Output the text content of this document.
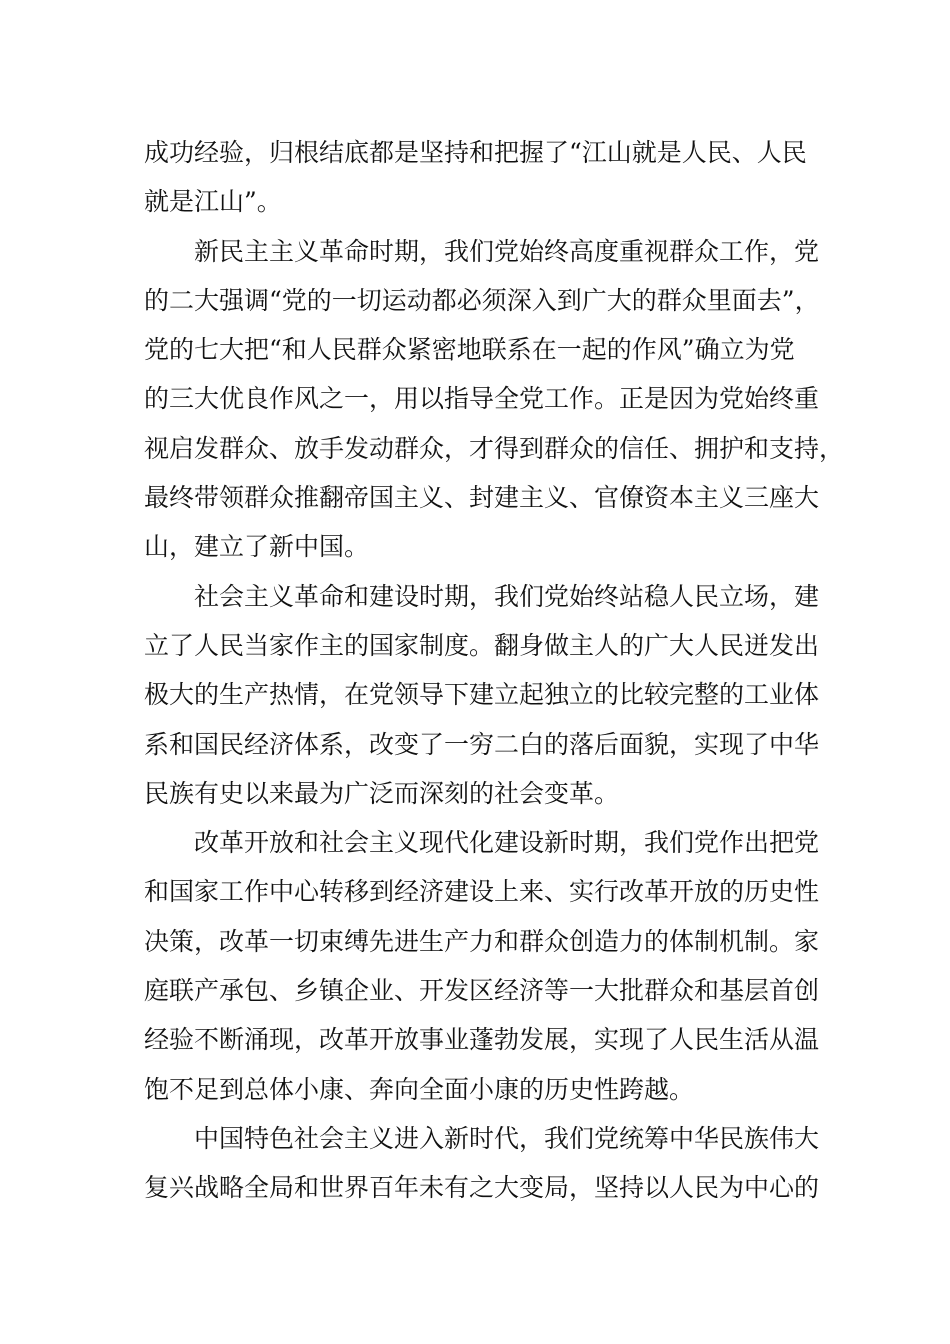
成功经验，归根结底都是坚持和把握了“江山就是人民、人民
就是江山”。
新民主主义革命时期，我们党始终高度重视群众工作，党
的二大强调“党的一切运动都必须深入到广大的群众里面去”，
党的七大把“和人民群众紧密地联系在一起的作风”确立为党
的三大优良作风之一，用以指导全党工作。正是因为党始终重
视启发群众、放手发动群众，才得到群众的信任、拥护和支持，
最终带领群众推翻帝国主义、封建主义、官僚资本主义三座大
山，建立了新中国。
社会主义革命和建设时期，我们党始终站稳人民立场，建
立了人民当家作主的国家制度。翻身做主人的广大人民迸发出
极大的生产热情，在党领导下建立起独立的比较完整的工业体
系和国民经济体系，改变了一穷二白的落后面貌，实现了中华
民族有史以来最为广泛而深刻的社会变革。
改革开放和社会主义现代化建设新时期，我们党作出把党
和国家工作中心转移到经济建设上来、实行改革开放的历史性
决策，改革一切束缚先进生产力和群众创造力的体制机制。家
庭联产承包、乡镇企业、开发区经济等一大批群众和基层首创
经验不断涌现，改革开放事业蓬勃发展，实现了人民生活从温
饱不足到总体小康、奔向全面小康的历史性跨越。
中国特色社会主义进入新时代，我们党统筹中华民族伟大
复兴战略全局和世界百年未有之大变局，坚持以人民为中心的
